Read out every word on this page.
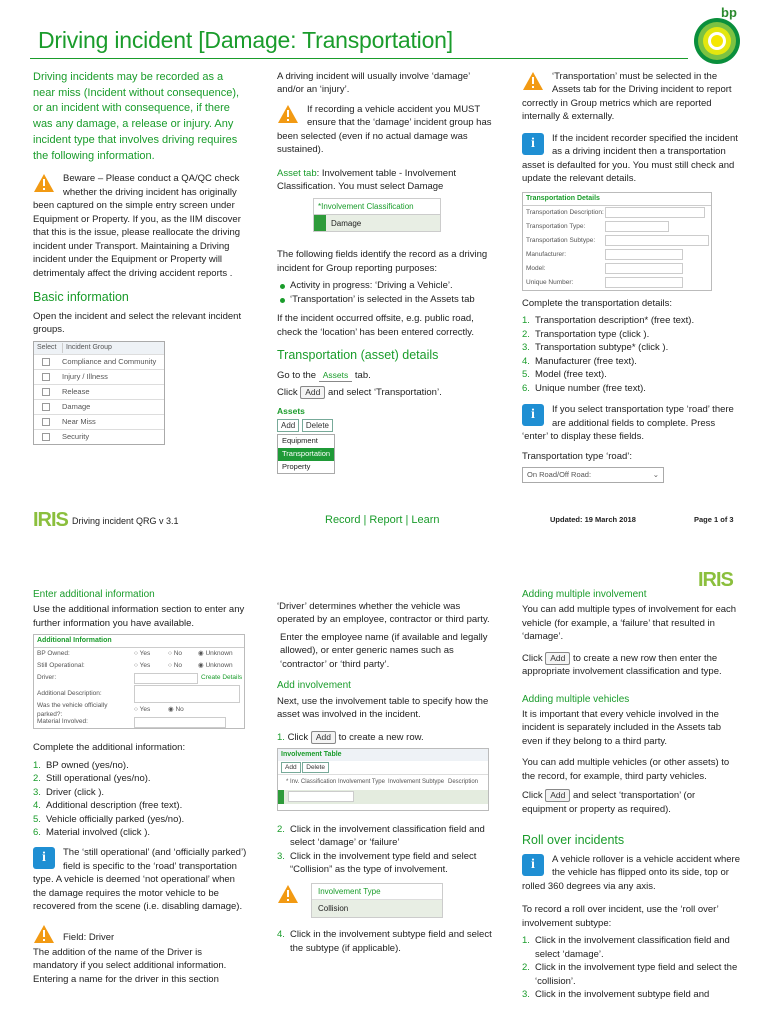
bp
Driving incident [Damage: Transportation]
Driving incidents may be recorded as a near miss (Incident without consequence), or an incident with consequence, if there was any damage, a release or injury. Any incident type that involves driving requires the following information.
Beware – Please conduct a QA/QC check whether the driving incident has originally been captured on the simple entry screen under Equipment or Property. If you, as the IIM discover that this is the issue, please reallocate the driving incident under Transport. Maintaining a Driving incident under the Equipment or Property will detrimentaly affect the driving accident reports .
Basic information

Open the incident and select the relevant incident groups.

Select	Incident Group
Compliance and Community
Injury / Illness
Release
Damage
Near Miss
Security

A driving incident will usually involve ‘damage’ and/or an ‘injury’.

If recording a vehicle accident you MUST ensure that the ‘damage’ incident group has been selected (even if no actual damage was sustained).

Asset tab: Involvement table - Involvement Classification. You must select Damage

*Involvement Classification
Damage

The following fields identify the record as a driving incident for Group reporting purposes:

Activity in progress: ‘Driving a Vehicle’.
‘Transportation’ is selected in the Assets tab

If the incident occurred offsite, e.g. public road, check the ‘location’ has been entered correctly.

Transportation (asset) details

Go to the Assets tab.

Click Add and select ‘Transportation’.

Assets
Add Delete
Equipment
Transportation
Property
‘Transportation’ must be selected in the Assets tab for the Driving incident to report correctly in Group metrics which are reported internally & externally.
i	If the incident recorder specified the incident as a driving incident then a transportation asset is defaulted for you. You must still check and update the relevant details.
Transportation Details
Transportation Description:
Transportation Type:
Transportation Subtype:
Manufacturer:
Model:
Unique Number:

Complete the transportation details:

Transportation description* (free text).
Transportation type (click ).
Transportation subtype* (click ).
Manufacturer (free text).
Model (free text).
Unique number (free text).
i	If you select transportation type ‘road’ there are additional fields to complete. Press ‘enter’ to display these fields.

Transportation type ‘road’:

On Road/Off Road:	⌄
IRIS Driving incident QRG v 3.1	Record | Report | Learn	Updated: 19 March 2018	Page 1 of 3
IRIS
Enter additional information

Use the additional information section to enter any further information you have available.

Additional Information
BP Owned:	○ Yes	○ No	◉ Unknown
Still Operational:	○ Yes	○ No	◉ Unknown
Driver:	Create Details
Additional Description:
Was the vehicle officially parked?:
○ Yes	◉ No
Material Involved:

Complete the additional information:

BP owned (yes/no).
Still operational (yes/no).
Driver (click ).
Additional description (free text).
Vehicle officially parked (yes/no).
Material involved (click ).
i	The ‘still operational’ (and ‘officially parked’) field is specific to the ‘road’ transportation type. A vehicle is deemed ‘not operational’ when the damage requires the motor vehicle to be recovered from the scene (i.e. disabling damage).
Field: Driver
The addition of the name of the Driver is mandatory if you select additional information. Entering a name for the driver in this section

‘Driver’ determines whether the vehicle was operated by an employee, contractor or third party.

Enter the employee name (if available and legally allowed), or enter generic names such as ‘contractor’ or ‘third party’.

Add involvement

Next, use the involvement table to specify how the asset was involved in the incident.

1. Click Add to create a new row.

Involvement Table
Add Delete
* Inv. Classification Involvement Type Involvement Subtype Description
Click in the involvement classification field and select ‘damage’ or ‘failure’
Click in the involvement type field and select “Collision” as the type of involvement.
Involvement Type
Collision
Click in the involvement subtype field and select the subtype (if applicable).
Adding multiple involvement

You can add multiple types of involvement for each vehicle (for example, a ‘failure’ that resulted in ‘damage’.

Click Add to create a new row then enter the appropriate involvement classification and type.

Adding multiple vehicles

It is important that every vehicle involved in the incident is separately included in the Assets tab even if they belong to a third party.

You can add multiple vehicles (or other assets) to the record, for example, third party vehicles.

Click Add and select ‘transportation’ (or equipment or property as required).

Roll over incidents
i	A vehicle rollover is a vehicle accident where the vehicle has flipped onto its side, top or rolled 360 degrees via any axis.

To record a roll over incident, use the ‘roll over’ involvement subtype:

Click in the involvement classification field and select ‘damage’.
Click in the involvement type field and select the ‘collision’.
Click in the involvement subtype field and
